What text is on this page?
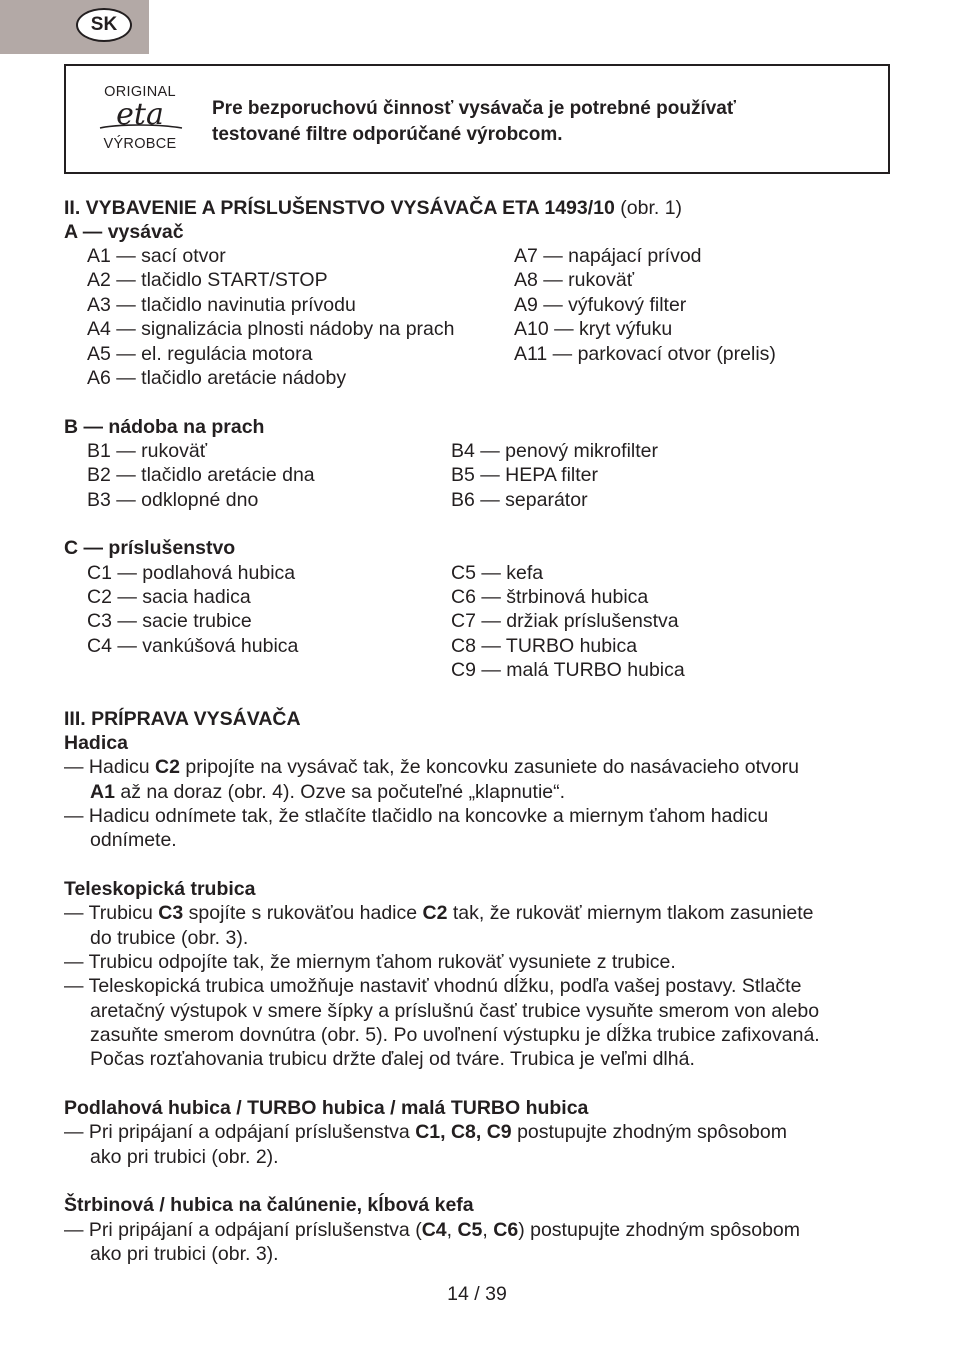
SK
ORIGINAL
eta
VÝROBCE
Pre bezporuchovú činnosť vysávača je potrebné používať
testované filtre odporúčané výrobcom.
II. VYBAVENIE A PRÍSLUŠENSTVO VYSÁVAČA ETA 1493/10 (obr. 1)
A — vysávač
A1 — sací otvor
A2 — tlačidlo START/STOP
A3 — tlačidlo navinutia prívodu
A4 — signalizácia plnosti nádoby na prach
A5 — el. regulácia motora
A6 — tlačidlo aretácie nádoby
A7 — napájací prívod
A8 — rukoväť
A9 — výfukový filter
A10 — kryt výfuku
A11 — parkovací otvor (prelis)
B — nádoba na prach
B1 — rukoväť
B2 — tlačidlo aretácie dna
B3 — odklopné dno
B4 — penový mikrofilter
B5 — HEPA filter
B6 — separátor
C — príslušenstvo
C1 — podlahová hubica
C2 — sacia hadica
C3 — sacie trubice
C4 — vankúšová hubica
C5 — kefa
C6 — štrbinová hubica
C7 — držiak príslušenstva
C8 — TURBO hubica
C9 — malá TURBO hubica
III. PRÍPRAVA VYSÁVAČA
Hadica
— Hadicu C2 pripojíte na vysávač tak, že koncovku zasuniete do nasávacieho otvoru
A1 až na doraz (obr. 4). Ozve sa počuteľné „klapnutie“.
— Hadicu odnímete tak, že stlačíte tlačidlo na koncovke a miernym ťahom hadicu
odnímete.
Teleskopická trubica
— Trubicu C3 spojíte s rukoväťou hadice C2 tak, že rukoväť miernym tlakom zasuniete
do trubice (obr. 3).
— Trubicu odpojíte tak, že miernym ťahom rukoväť vysuniete z trubice.
— Teleskopická trubica umožňuje nastaviť vhodnú dĺžku, podľa vašej postavy. Stlačte
aretačný výstupok v smere šípky a príslušnú časť trubice vysuňte smerom von alebo
zasuňte smerom dovnútra (obr. 5). Po uvoľnení výstupku je dĺžka trubice zafixovaná.
Počas rozťahovania trubicu držte ďalej od tváre. Trubica je veľmi dlhá.
Podlahová hubica / TURBO hubica / malá TURBO hubica
— Pri pripájaní a odpájaní príslušenstva C1, C8, C9 postupujte zhodným spôsobom
ako pri trubici (obr. 2).
Štrbinová / hubica na čalúnenie, kĺbová kefa
— Pri pripájaní a odpájaní príslušenstva (C4, C5, C6) postupujte zhodným spôsobom
ako pri trubici (obr. 3).
14 / 39
